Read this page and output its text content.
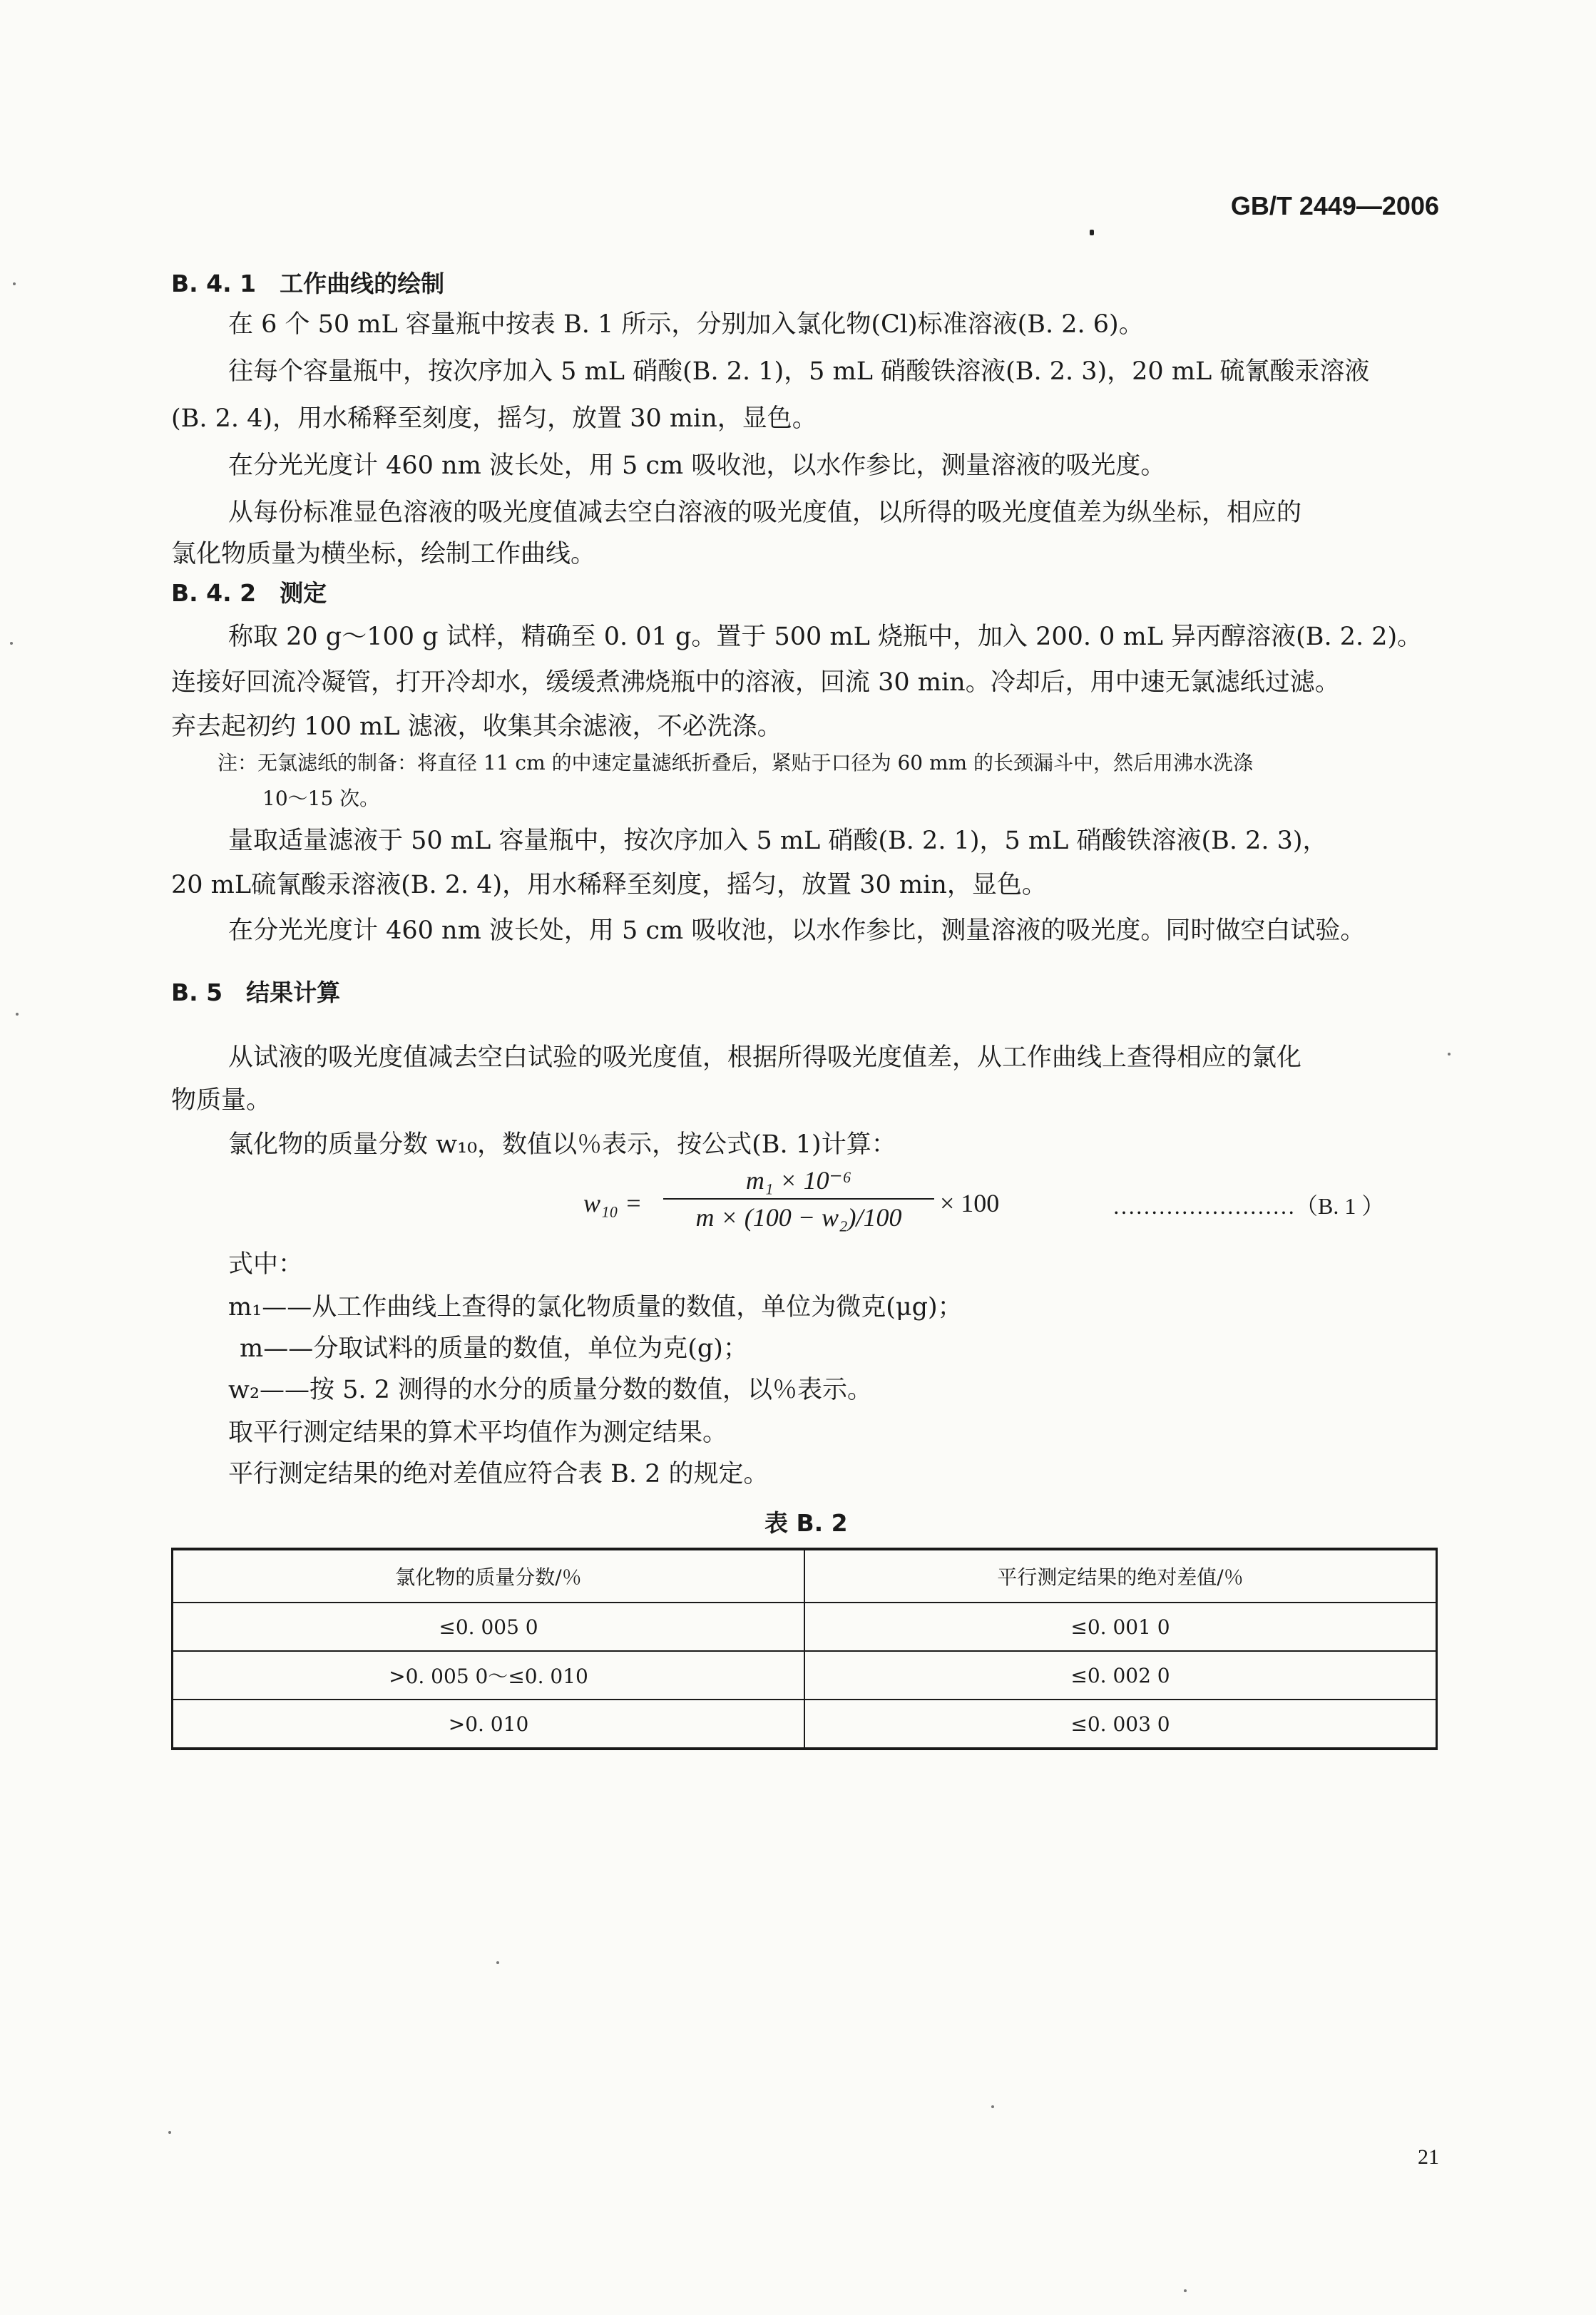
GB/T 2449—2006
B. 4. 1　工作曲线的绘制
在 6 个 50 mL 容量瓶中按表 B. 1 所示，分别加入氯化物(Cl)标准溶液(B. 2. 6)。
往每个容量瓶中，按次序加入 5 mL 硝酸(B. 2. 1)，5 mL 硝酸铁溶液(B. 2. 3)，20 mL 硫氰酸汞溶液
(B. 2. 4)，用水稀释至刻度，摇匀，放置 30 min，显色。
在分光光度计 460 nm 波长处，用 5 cm 吸收池，以水作参比，测量溶液的吸光度。
从每份标准显色溶液的吸光度值减去空白溶液的吸光度值，以所得的吸光度值差为纵坐标，相应的
氯化物质量为横坐标，绘制工作曲线。
B. 4. 2　测定
称取 20 g～100 g 试样，精确至 0. 01 g。置于 500 mL 烧瓶中，加入 200. 0 mL 异丙醇溶液(B. 2. 2)。
连接好回流冷凝管，打开冷却水，缓缓煮沸烧瓶中的溶液，回流 30 min。冷却后，用中速无氯滤纸过滤。
弃去起初约 100 mL 滤液，收集其余滤液，不必洗涤。
注：无氯滤纸的制备：将直径 11 cm 的中速定量滤纸折叠后，紧贴于口径为 60 mm 的长颈漏斗中，然后用沸水洗涤
10～15 次。
量取适量滤液于 50 mL 容量瓶中，按次序加入 5 mL 硝酸(B. 2. 1)，5 mL 硝酸铁溶液(B. 2. 3)，
20 mL硫氰酸汞溶液(B. 2. 4)，用水稀释至刻度，摇匀，放置 30 min，显色。
在分光光度计 460 nm 波长处，用 5 cm 吸收池，以水作参比，测量溶液的吸光度。同时做空白试验。
B. 5　结果计算
从试液的吸光度值减去空白试验的吸光度值，根据所得吸光度值差，从工作曲线上查得相应的氯化
物质量。
氯化物的质量分数 w₁₀，数值以％表示，按公式(B. 1)计算：
w₁₀ =
m₁ × 10⁻⁶
m × (100 − w₂)/100	× 100	……………………（B. 1 ）
式中：
m₁——从工作曲线上查得的氯化物质量的数值，单位为微克(μg)；
m——分取试料的质量的数值，单位为克(g)；
w₂——按 5. 2 测得的水分的质量分数的数值，以％表示。
取平行测定结果的算术平均值作为测定结果。
平行测定结果的绝对差值应符合表 B. 2 的规定。
表 B. 2
氯化物的质量分数/％	平行测定结果的绝对差值/％
≤0. 005 0	≤0. 001 0
>0. 005 0～≤0. 010	≤0. 002 0
>0. 010	≤0. 003 0
21
